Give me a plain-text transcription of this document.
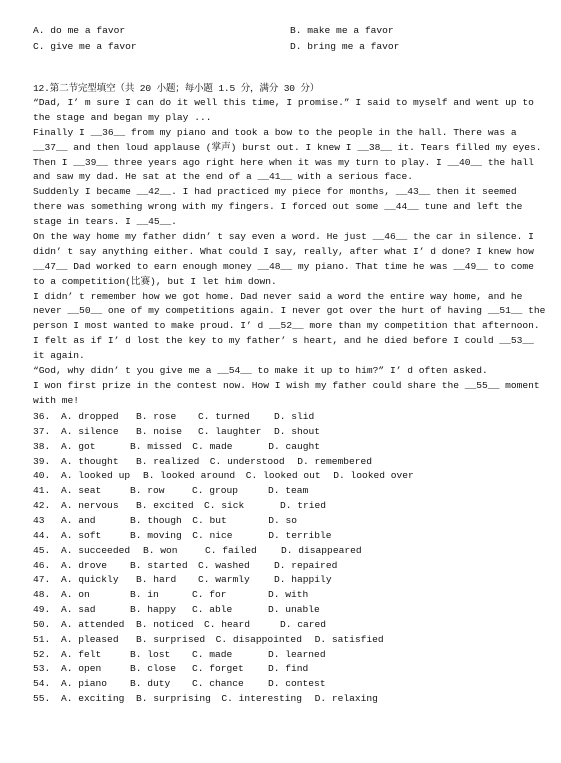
A. do me a favor	B. make me a favor
C. give me a favor	D. bring me a favor
12.第二节完型填空（共 20 小题；每小题 1.5 分，满分 30 分）
“Dad, I’ m sure I can do it well this time, I promise.” I said to myself and went up to
the stage and began my play ...
Finally I __36__ from my piano and took a bow to the people in the hall. There was a
__37__ and then loud applause (掌声) burst out. I knew I __38__ it. Tears filled my eyes.
Then I __39__ three years ago right here when it was my turn to play. I __40__ the hall
and saw my dad. He sat at the end of a __41__ with a serious face.
Suddenly I became __42__. I had practiced my piece for months, __43__ then it seemed
there was something wrong with my fingers. I forced out some __44__ tune and left the
stage in tears. I __45__.
On the way home my father didn’ t say even a word. He just __46__ the car in silence. I
didn’ t say anything either. What could I say, really, after what I’ d done? I knew how
__47__ Dad worked to earn enough money __48__ my piano. That time he was __49__ to come
to a competition(比赛), but I let him down.
I didn’ t remember how we got home. Dad never said a word the entire way home, and he
never __50__ one of my competitions again. I never got over the hurt of having __51__ the
person I most wanted to make proud. I’ d __52__ more than my competition that afternoon.
I felt as if I’ d lost the key to my father’ s heart, and he died before I could __53__
it again.
“God, why didn’ t you give me a __54__ to make it up to him?” I’ d often asked.
I won first prize in the contest now. How I wish my father could share the __55__ moment
with me!
36. A. dropped B. rose C. turned	D. slid
37. A. silence B. noise C. laughter D. shout
38. A. got	B. missed C. made	D. caught
39. A. thought B. realized C. understood D. remembered
40. A. looked up B. looked around C. looked out D. looked over
41. A. seat	B. row	C. group	D. team
42. A. nervous B. excited C. sick	D. tried
43 A. and	B. though C. but	D. so
44. A. soft	B. moving C. nice	D. terrible
45. A. succeeded B. won	C. failed	D. disappeared
46. A. drove B. started C. washed	D. repaired
47. A. quickly B. hard C. warmly	D. happily
48. A. on	B. in	C. for	D. with
49. A. sad	B. happy C. able	D. unable
50. A. attended B. noticed C. heard	D. cared
51. A. pleased B. surprised C. disappointed D. satisfied
52. A. felt	B. lost C. made	D. learned
53. A. open	B. close C. forget	D. find
54. A. piano B. duty C. chance	D. contest
55. A. exciting B. surprising C. interesting D. relaxing
